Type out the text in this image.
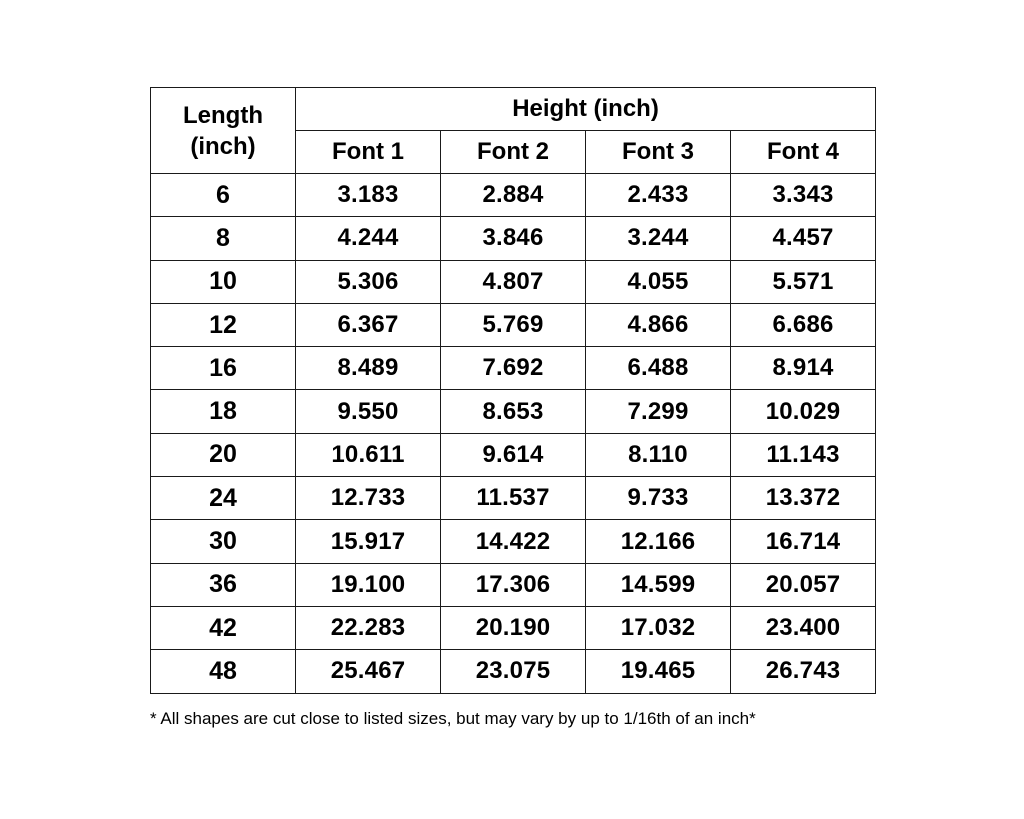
Length (inch)	Height (inch)			
	Font 1	Font 2	Font 3	Font 4
6	3.183	2.884	2.433	3.343
8	4.244	3.846	3.244	4.457
10	5.306	4.807	4.055	5.571
12	6.367	5.769	4.866	6.686
16	8.489	7.692	6.488	8.914
18	9.550	8.653	7.299	10.029
20	10.611	9.614	8.110	11.143
24	12.733	11.537	9.733	13.372
30	15.917	14.422	12.166	16.714
36	19.100	17.306	14.599	20.057
42	22.283	20.190	17.032	23.400
48	25.467	23.075	19.465	26.743
* All shapes are cut close to listed sizes, but may vary by up to 1/16th of an inch*
